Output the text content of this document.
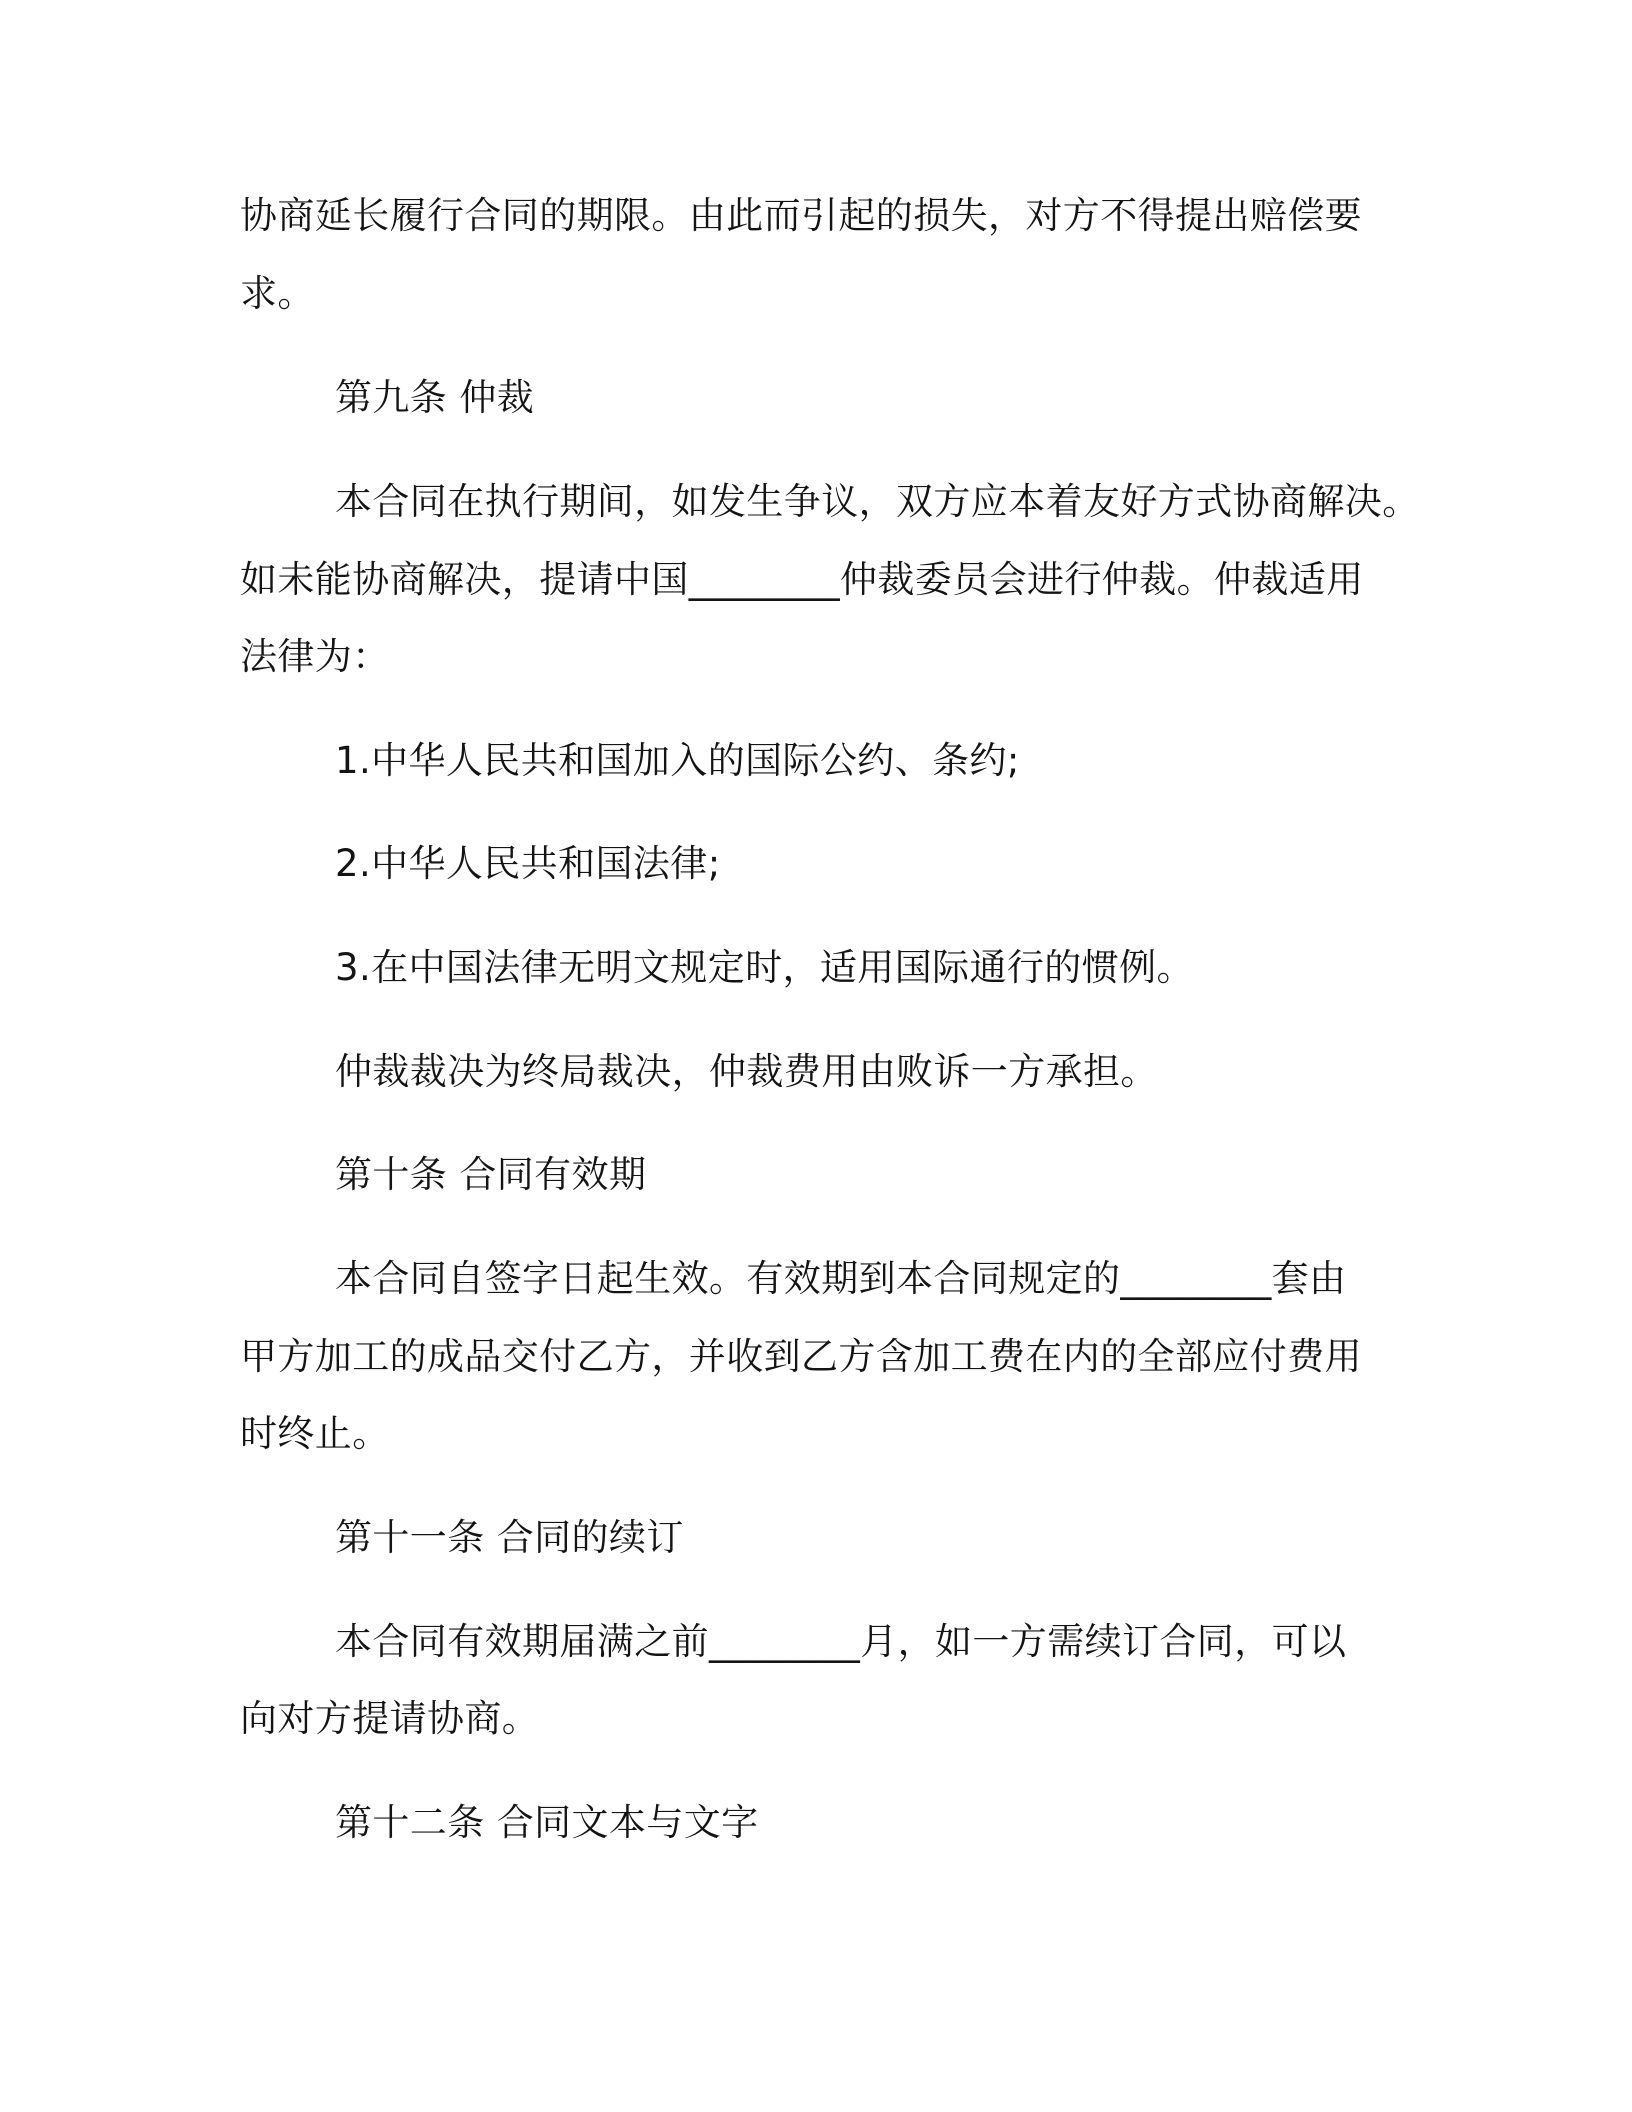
协商延长履行合同的期限。由此而引起的损失，对方不得提出赔偿要
求。
第九条 仲裁
本合同在执行期间，如发生争议，双方应本着友好方式协商解决。
如未能协商解决，提请中国________仲裁委员会进行仲裁。仲裁适用
法律为：
1.中华人民共和国加入的国际公约、条约;
2.中华人民共和国法律;
3.在中国法律无明文规定时，适用国际通行的惯例。
仲裁裁决为终局裁决，仲裁费用由败诉一方承担。
第十条 合同有效期
本合同自签字日起生效。有效期到本合同规定的________套由
甲方加工的成品交付乙方，并收到乙方含加工费在内的全部应付费用
时终止。
第十一条 合同的续订
本合同有效期届满之前________月，如一方需续订合同，可以
向对方提请协商。
第十二条 合同文本与文字
